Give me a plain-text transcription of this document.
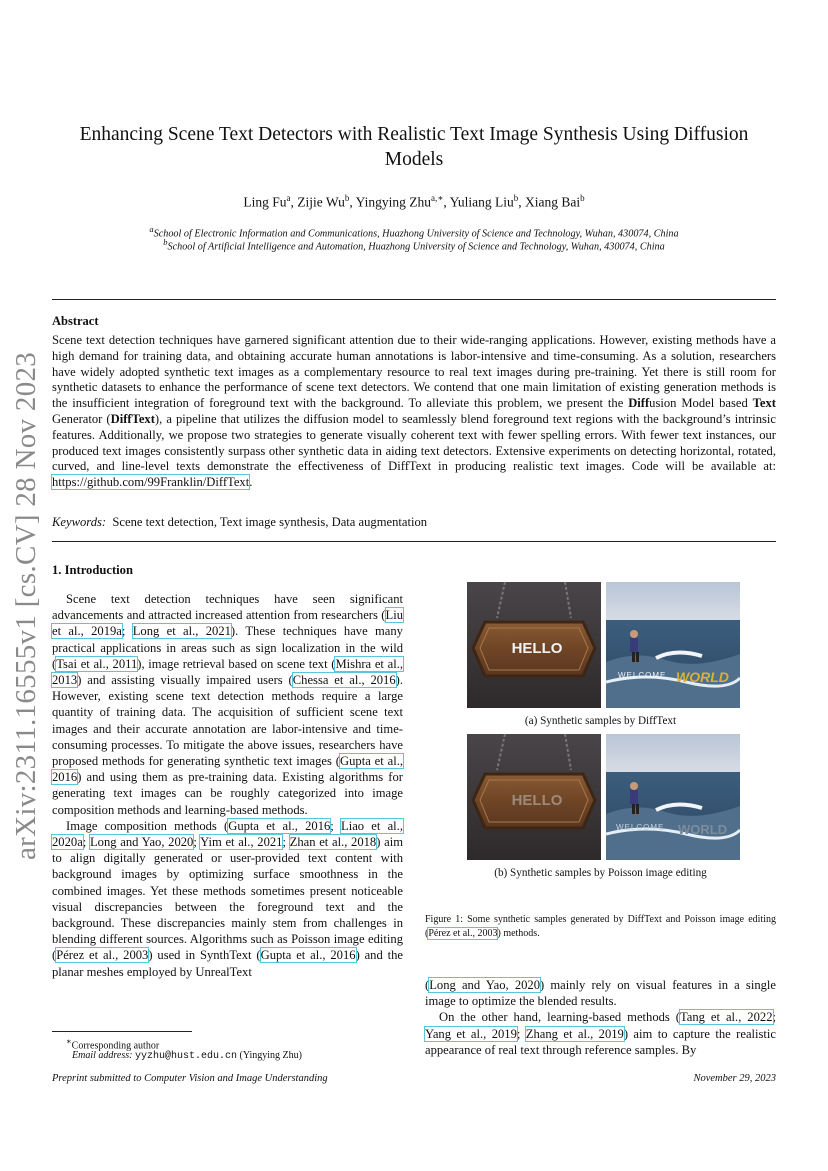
Enhancing Scene Text Detectors with Realistic Text Image Synthesis Using Diffusion
Models
Ling Fu$^a$, Zijie Wu$^b$, Yingying Zhu$^{a,∗}$, Yuliang Liu$^b$, Xiang Bai$^b$
$^a$School of Electronic Information and Communications, Huazhong University of Science and Technology, Wuhan, 430074, China
$^b$School of Artificial Intelligence and Automation, Huazhong University of Science and Technology, Wuhan, 430074, China
Abstract
Scene text detection techniques have garnered significant attention due to their wide-ranging applications. However, existing methods have a high demand for training data, and obtaining accurate human annotations is labor-intensive and time-consuming. As a solution, researchers have widely adopted synthetic text images as a complementary resource to real text images during pre-training. Yet there is still room for synthetic datasets to enhance the performance of scene text detectors. We contend that one main limitation of existing generation methods is the insufficient integration of foreground text with the background. To alleviate this problem, we present the Diffusion Model based Text Generator (DiffText), a pipeline that utilizes the diffusion model to seamlessly blend foreground text regions with the background’s intrinsic features. Additionally, we propose two strategies to generate visually coherent text with fewer spelling errors. With fewer text instances, our produced text images consistently surpass other synthetic data in aiding text detectors. Extensive experiments on detecting horizontal, rotated, curved, and line-level texts demonstrate the effectiveness of DiffText in producing realistic text images. Code will be available at: https://github.com/99Franklin/DiffText.
Keywords: Scene text detection, Text image synthesis, Data augmentation
arXiv:2311.16555v1 [cs.CV] 28 Nov 2023 1. Introduction

Scene text detection techniques have seen significant advancements and attracted increased attention from researchers (Liu et al., 2019a; Long et al., 2021). These techniques have many practical applications in areas such as sign localization in the wild (Tsai et al., 2011), image retrieval based on scene text (Mishra et al., 2013) and assisting visually impaired users (Chessa et al., 2016). However, existing scene text detection methods require a large quantity of training data. The acquisition of sufficient scene text images and their accurate annotation are labor-intensive and time-consuming processes. To mitigate the above issues, researchers have proposed methods for generating synthetic text images (Gupta et al., 2016) and using them as pre-training data. Existing algorithms for generating text images can be roughly categorized into image composition methods and learning-based methods.

Image composition methods (Gupta et al., 2016; Liao et al., 2020a; Long and Yao, 2020; Yim et al., 2021; Zhan et al., 2018) aim to align digitally generated or user-provided text content with background images by optimizing surface smoothness in the combined images. Yet these methods sometimes present noticeable visual discrepancies between the foreground text and the background. These discrepancies mainly stem from challenges in blending different sources. Algorithms such as Poisson image editing (Pérez et al., 2003) used in SynthText (Gupta et al., 2016) and the planar meshes employed by UnrealText

∗Corresponding author
Email address: yyzhu@hust.edu.cn (Yingying Zhu)
Preprint submitted to Computer Vision and Image Understanding	November 29, 2023
HELLO
WELCOME WORLD
(a) Synthetic samples by DiffText
HELLO
WELCOME WORLD
(b) Synthetic samples by Poisson image editing
Figure 1: Some synthetic samples generated by DiffText and Poisson image editing (Pérez et al., 2003) methods.

(Long and Yao, 2020) mainly rely on visual features in a single image to optimize the blended results.

On the other hand, learning-based methods (Tang et al., 2022; Yang et al., 2019; Zhang et al., 2019) aim to capture the realistic appearance of real text through reference samples. By
